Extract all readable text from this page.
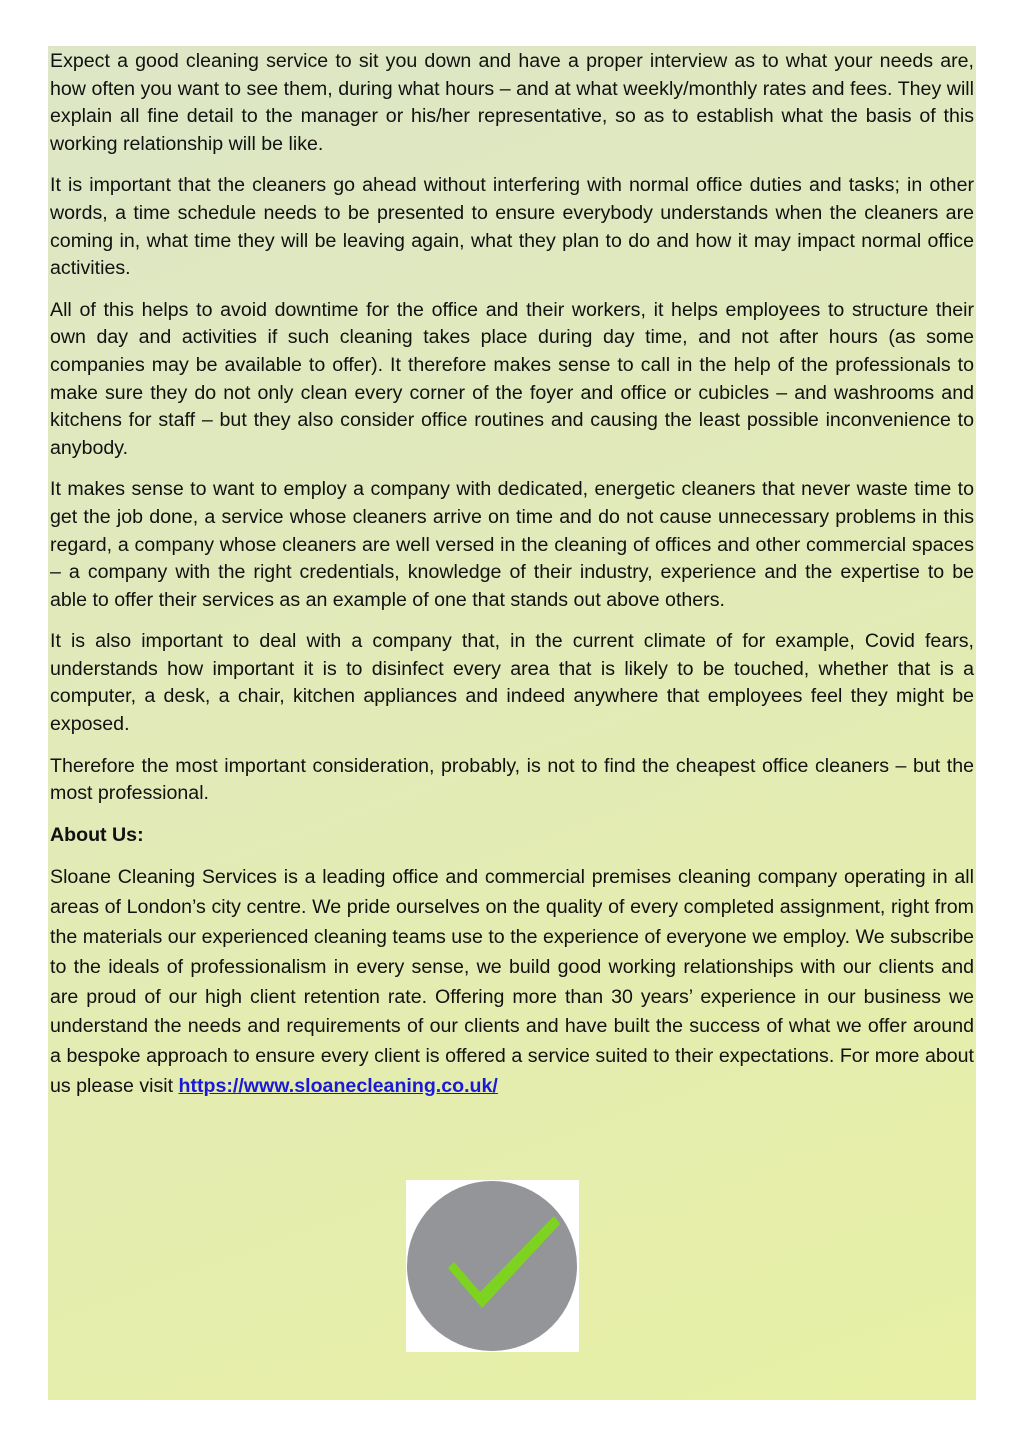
Expect a good cleaning service to sit you down and have a proper interview as to what your needs are, how often you want to see them, during what hours – and at what weekly/monthly rates and fees. They will explain all fine detail to the manager or his/her representative, so as to establish what the basis of this working relationship will be like.

It is important that the cleaners go ahead without interfering with normal office duties and tasks; in other words, a time schedule needs to be presented to ensure everybody understands when the cleaners are coming in, what time they will be leaving again, what they plan to do and how it may impact normal office activities.

All of this helps to avoid downtime for the office and their workers, it helps employees to structure their own day and activities if such cleaning takes place during day time, and not after hours (as some companies may be available to offer). It therefore makes sense to call in the help of the professionals to make sure they do not only clean every corner of the foyer and office or cubicles – and washrooms and kitchens for staff – but they also consider office routines and causing the least possible inconvenience to anybody.

It makes sense to want to employ a company with dedicated, energetic cleaners that never waste time to get the job done, a service whose cleaners arrive on time and do not cause unnecessary problems in this regard, a company whose cleaners are well versed in the cleaning of offices and other commercial spaces – a company with the right credentials, knowledge of their industry, experience and the expertise to be able to offer their services as an example of one that stands out above others.

It is also important to deal with a company that, in the current climate of for example, Covid fears, understands how important it is to disinfect every area that is likely to be touched, whether that is a computer, a desk, a chair, kitchen appliances and indeed anywhere that employees feel they might be exposed.

Therefore the most important consideration, probably, is not to find the cheapest office cleaners – but the most professional.

About Us:

Sloane Cleaning Services is a leading office and commercial premises cleaning company operating in all areas of London’s city centre. We pride ourselves on the quality of every completed assignment, right from the materials our experienced cleaning teams use to the experience of everyone we employ. We subscribe to the ideals of professionalism in every sense, we build good working relationships with our clients and are proud of our high client retention rate. Offering more than 30 years’ experience in our business we understand the needs and requirements of our clients and have built the success of what we offer around a bespoke approach to ensure every client is offered a service suited to their expectations. For more about us please visit https://www.sloanecleaning.co.uk/
